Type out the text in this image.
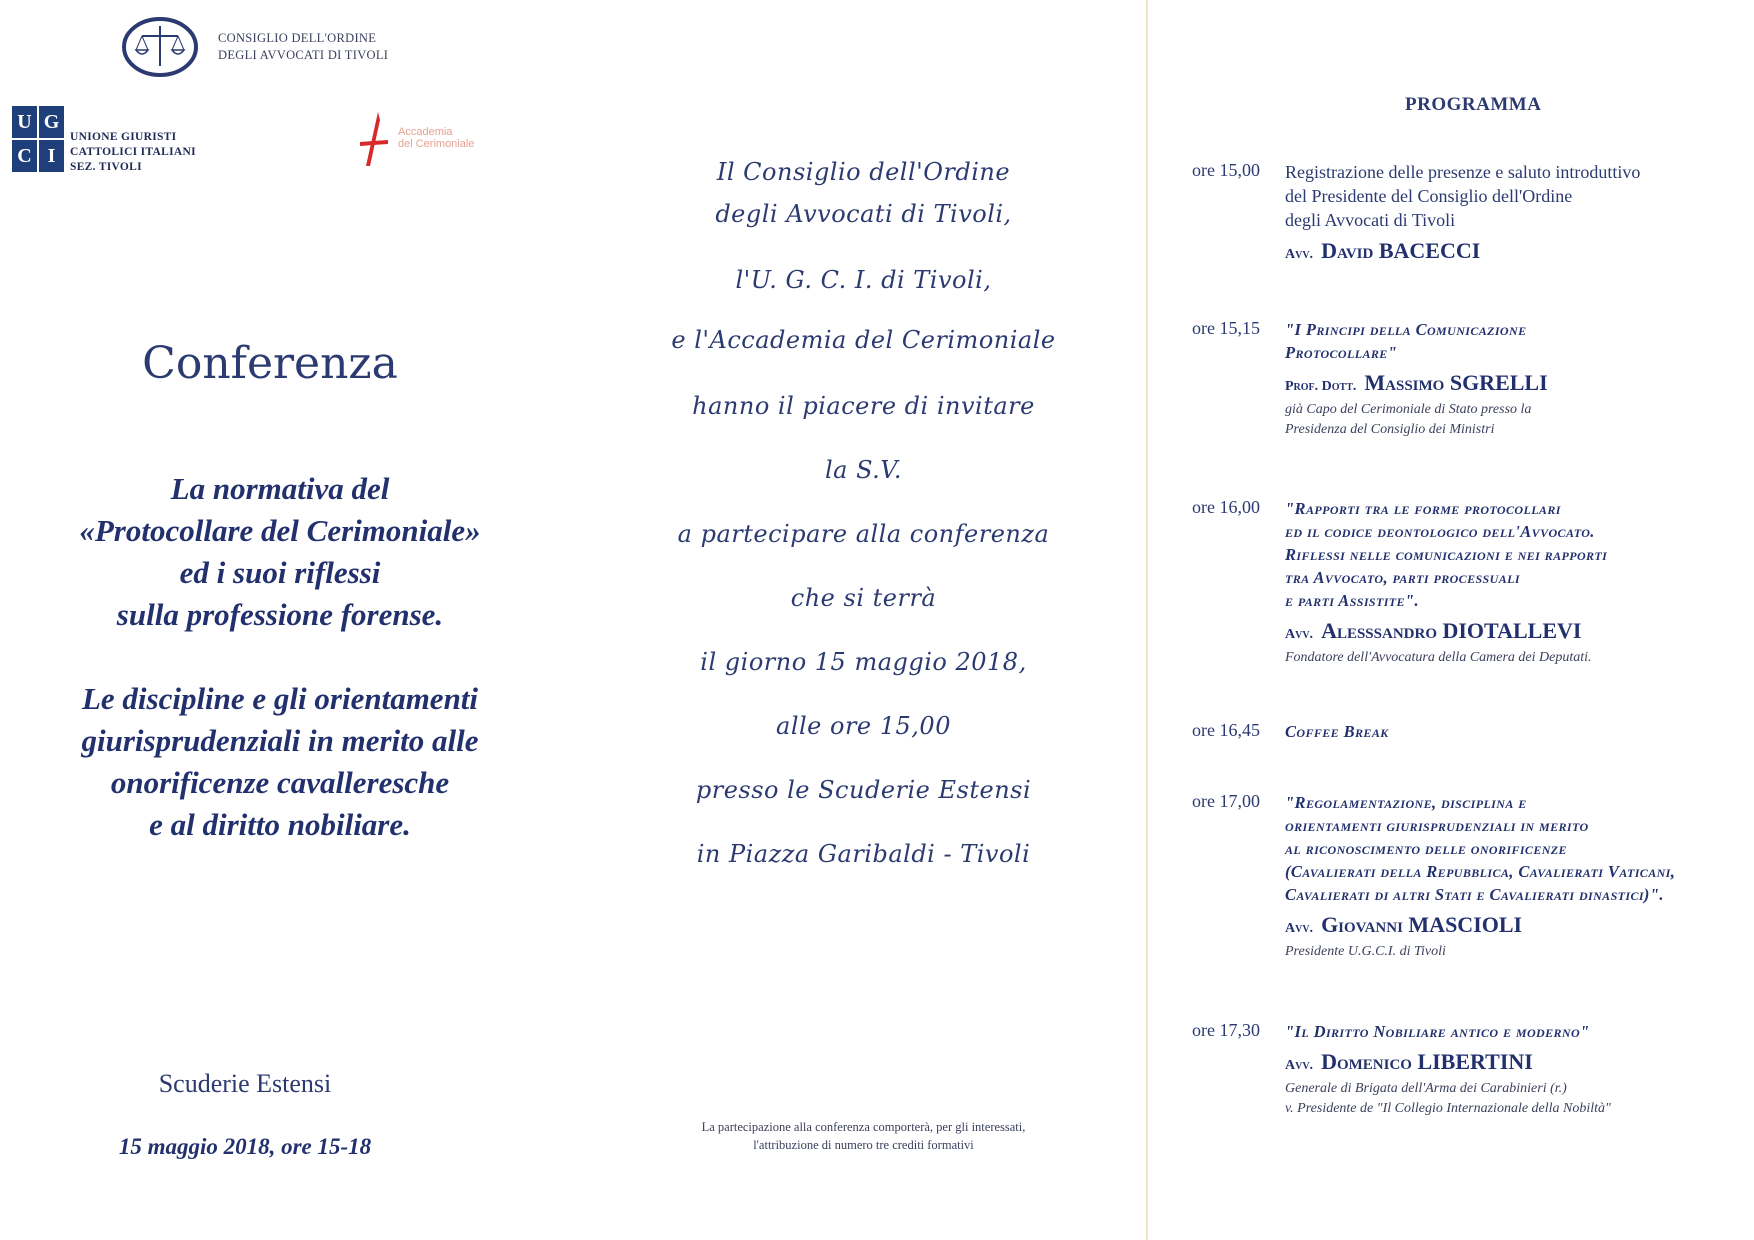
CONSIGLIO DELL'ORDINE
DEGLI AVVOCATI DI TIVOLI
U G
C I
UNIONE GIURISTI
CATTOLICI ITALIANI
SEZ. TIVOLI
Accademia
del Cerimoniale
Conferenza
La normativa del
«Protocollare del Cerimoniale»
ed i suoi riflessi
sulla professione forense.
Le discipline e gli orientamenti
giurisprudenziali in merito alle
onorificenze cavalleresche
e al diritto nobiliare.
Scuderie Estensi
15 maggio 2018, ore 15-18
Il Consiglio dell'Ordine
degli Avvocati di Tivoli,
l'U. G. C. I. di Tivoli,
e l'Accademia del Cerimoniale
hanno il piacere di invitare
la S.V.
a partecipare alla conferenza
che si terrà
il giorno 15 maggio 2018,
alle ore 15,00
presso le Scuderie Estensi
in Piazza Garibaldi - Tivoli
La partecipazione alla conferenza comporterà, per gli interessati,
l'attribuzione di numero tre crediti formativi
PROGRAMMA
ore 15,00 Registrazione delle presenze e saluto introduttivo
del Presidente del Consiglio dell'Ordine
degli Avvocati di Tivoli
Avv. David BACECCI
ore 15,15 "I Principi della Comunicazione
Protocollare"
Prof. Dott. Massimo SGRELLI
già Capo del Cerimoniale di Stato presso la
Presidenza del Consiglio dei Ministri
ore 16,00 "Rapporti tra le forme protocollari
ed il codice deontologico dell'Avvocato.
Riflessi nelle comunicazioni e nei rapporti
tra Avvocato, parti processuali
e parti Assistite".
Avv. Alesssandro DIOTALLEVI
Fondatore dell'Avvocatura della Camera dei Deputati.
ore 16,45 Coffee Break
ore 17,00 "Regolamentazione, disciplina e
orientamenti giurisprudenziali in merito
al riconoscimento delle onorificenze
(Cavalierati della Repubblica, Cavalierati Vaticani,
Cavalierati di altri Stati e Cavalierati dinastici)".
Avv. Giovanni MASCIOLI
Presidente U.G.C.I. di Tivoli
ore 17,30 "Il Diritto Nobiliare antico e moderno"
Avv. Domenico LIBERTINI
Generale di Brigata dell'Arma dei Carabinieri (r.)
v. Presidente de "Il Collegio Internazionale della Nobiltà"
